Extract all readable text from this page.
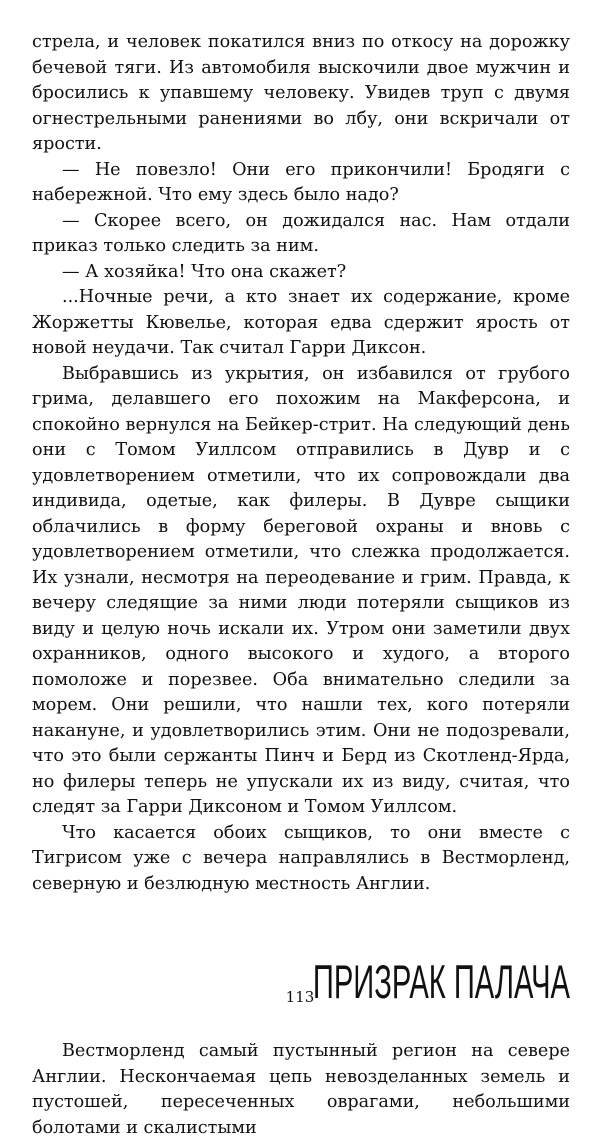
стрела, и человек покатился вниз по откосу на дорожку бечевой тяги. Из автомобиля выскочили двое мужчин и бросились к упавшему человеку. Увидев труп с двумя огнестрельными ранениями во лбу, они вскричали от ярости.

— Не повезло! Они его прикончили! Бродяги с набережной. Что ему здесь было надо?

— Скорее всего, он дожидался нас. Нам отдали приказ только следить за ним.

— А хозяйка! Что она скажет?

...Ночные речи, а кто знает их содержание, кроме Жоржетты Кювелье, которая едва сдержит ярость от новой неудачи. Так считал Гарри Диксон.

Выбравшись из укрытия, он избавился от грубого грима, делавшего его похожим на Макферсона, и спокойно вернулся на Бейкер-стрит. На следующий день они с Томом Уиллсом отправились в Дувр и с удовлетворением отметили, что их сопровождали два индивида, одетые, как филеры. В Дувре сыщики облачились в форму береговой охраны и вновь с удовлетворением отметили, что слежка продолжается. Их узнали, несмотря на переодевание и грим. Правда, к вечеру следящие за ними люди потеряли сыщиков из виду и целую ночь искали их. Утром они заметили двух охранников, одного высокого и худого, а второго помоложе и порезвее. Оба внимательно следили за морем. Они решили, что нашли тех, кого потеряли накануне, и удовлетворились этим. Они не подозревали, что это были сержанты Пинч и Берд из Скотленд-Ярда, но филеры теперь не упускали их из виду, считая, что следят за Гарри Диксоном и Томом Уиллсом.

Что касается обоих сыщиков, то они вместе с Тигрисом уже с вечера направлялись в Вестморленд, северную и безлюдную местность Англии.

ПРИЗРАК ПАЛАЧА

Вестморленд самый пустынный регион на севере Англии. Нескончаемая цепь невозделанных земель и пустошей, пересеченных оврагами, небольшими болотами и скалистыми

113
